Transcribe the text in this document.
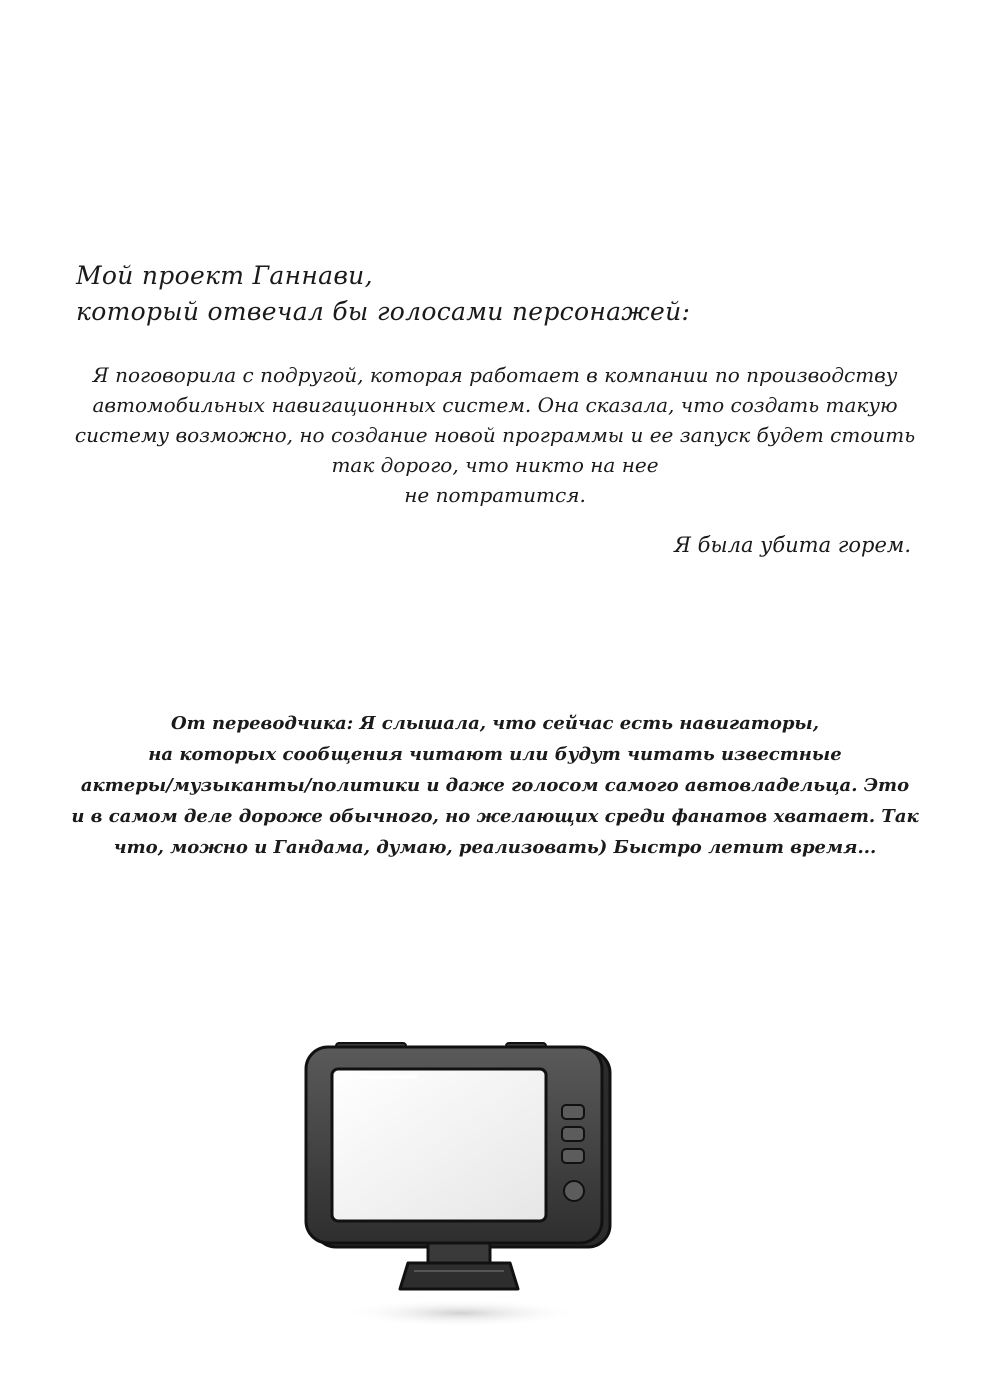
Мой проект Ганнави,
который отвечал бы голосами персонажей:
Я поговорила с подругой, которая работает в компании по производству
автомобильных навигационных систем. Она сказала, что создать такую
систему возможно, но создание новой программы и ее запуск будет стоить
так дорого, что никто на нее
не потратится.
Я была убита горем.
От переводчика: Я слышала, что сейчас есть навигаторы,
на которых сообщения читают или будут читать известные
актеры/музыканты/политики и даже голосом самого автовладельца. Это
и в самом деле дороже обычного, но желающих среди фанатов хватает. Так
что, можно и Гандама, думаю, реализовать) Быстро летит время...
